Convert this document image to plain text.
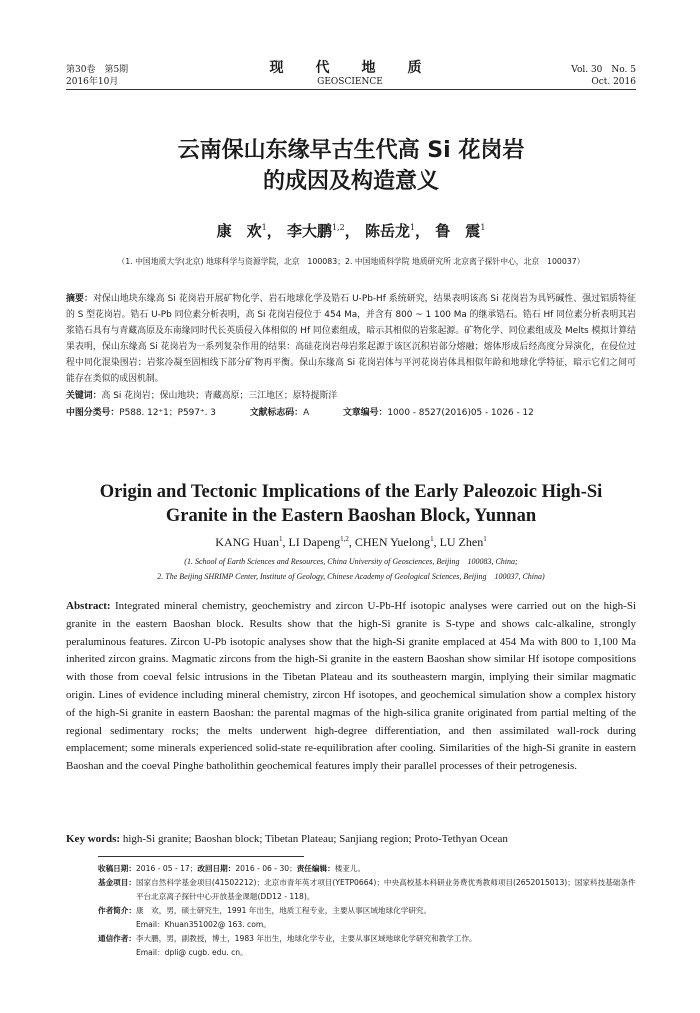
第30卷　第5期
2016年10月
现　代　地　质
GEOSCIENCE
Vol. 30　No. 5
Oct. 2016
云南保山东缘早古生代高 Si 花岗岩
的成因及构造意义
康　欢$^1$， 李大鹏$^{1,2}$， 陈岳龙$^1$， 鲁　震$^1$
（1. 中国地质大学(北京) 地球科学与资源学院，北京　100083；2. 中国地质科学院 地质研究所 北京离子探针中心，北京　100037）
摘要：对保山地块东缘高 Si 花岗岩开展矿物化学、岩石地球化学及锆石 U-Pb-Hf 系统研究，结果表明该高 Si 花岗岩为具钙碱性、强过铝质特征的 S 型花岗岩。锆石 U-Pb 同位素分析表明，高 Si 花岗岩侵位于 454 Ma，并含有 800 ~ 1 100 Ma 的继承锆石。锆石 Hf 同位素分析表明其岩浆锆石具有与青藏高原及东南缘同时代长英质侵入体相似的 Hf 同位素组成，暗示其相似的岩浆起源。矿物化学、同位素组成及 Melts 模拟计算结果表明，保山东缘高 Si 花岗岩为一系列复杂作用的结果：高硅花岗岩母岩浆起源于该区沉积岩部分熔融；熔体形成后经高度分异演化，在侵位过程中同化混染围岩；岩浆冷凝至固相线下部分矿物再平衡。保山东缘高 Si 花岗岩体与平河花岗岩体具相似年龄和地球化学特征，暗示它们之间可能存在类似的成因机制。
关键词：高 Si 花岗岩；保山地块；青藏高原；三江地区；原特提斯洋
中图分类号：P588. 12⁺1；P597⁺. 3	文献标志码：A	文章编号：1000 - 8527(2016)05 - 1026 - 12
Origin and Tectonic Implications of the Early Paleozoic High-Si
Granite in the Eastern Baoshan Block, Yunnan
KANG Huan$^1$, LI Dapeng$^{1,2}$, CHEN Yuelong$^1$, LU Zhen$^1$
(1. School of Earth Sciences and Resources, China University of Geosciences, Beijing　100083, China;
2. The Beijing SHRIMP Center, Institute of Geology, Chinese Academy of Geological Sciences, Beijing　100037, China)
Abstract: Integrated mineral chemistry, geochemistry and zircon U-Pb-Hf isotopic analyses were carried out on the high-Si granite in the eastern Baoshan block. Results show that the high-Si granite is S-type and shows calc-alkaline, strongly peraluminous features. Zircon U-Pb isotopic analyses show that the high-Si granite emplaced at 454 Ma with 800 to 1,100 Ma inherited zircon grains. Magmatic zircons from the high-Si granite in the eastern Baoshan show similar Hf isotope compositions with those from coeval felsic intrusions in the Tibetan Plateau and its southeastern margin, implying their similar magmatic origin. Lines of evidence including mineral chemistry, zircon Hf isotopes, and geochemical simulation show a complex history of the high-Si granite in eastern Baoshan: the parental magmas of the high-silica granite originated from partial melting of the regional sedimentary rocks; the melts underwent high-degree differentiation, and then assimilated wall-rock during emplacement; some minerals experienced solid-state re-equilibration after cooling. Similarities of the high-Si granite in eastern Baoshan and the coeval Pinghe batholithin geochemical features imply their parallel processes of their petrogenesis.
Key words: high-Si granite; Baoshan block; Tibetan Plateau; Sanjiang region; Proto-Tethyan Ocean
收稿日期： 2016 - 05 - 17；改回日期：2016 - 06 - 30；责任编辑：楼亚儿。
基金项目： 国家自然科学基金项目(41502212)；北京市青年英才项目(YETP0664)；中央高校基本科研业务费优秀教师项目(2652015013)；国家科技基础条件平台北京离子探针中心开放基金课题(DD12 - 118)。
作者简介： 康　欢，男，硕士研究生，1991 年出生，地质工程专业，主要从事区域地球化学研究。
Email：Khuan351002@ 163. com。
通信作者： 李大鹏，男，副教授，博士，1983 年出生，地球化学专业，主要从事区域地球化学研究和教学工作。
Email：dpli@ cugb. edu. cn。
